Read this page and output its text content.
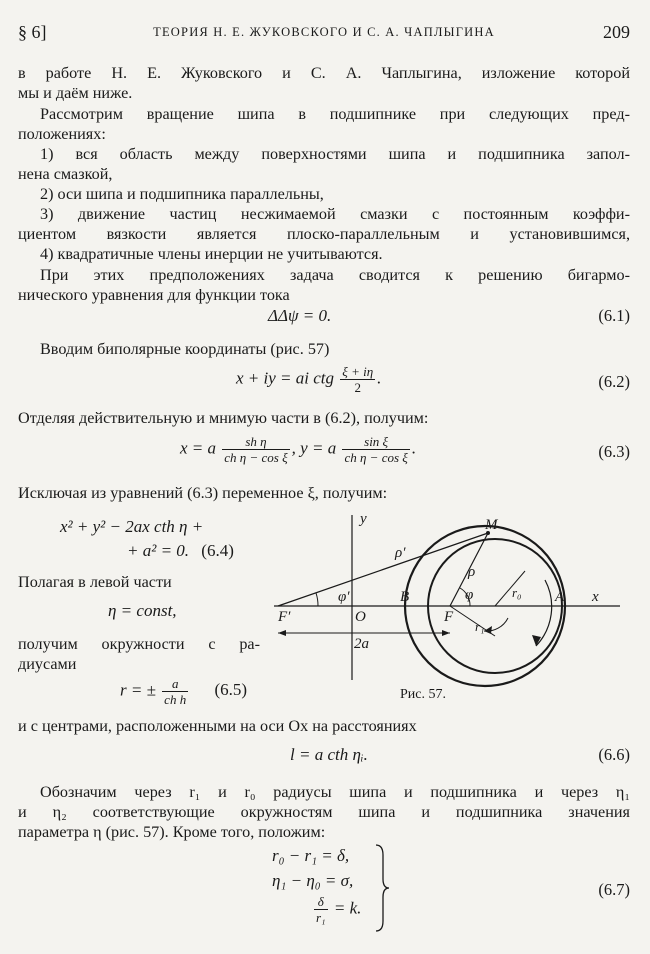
§ 6]	ТЕОРИЯ Н. Е. ЖУКОВСКОГО И С. А. ЧАПЛЫГИНА	209
в работе Н. Е. Жуковского и С. А. Чаплыгина, изложение которой
мы и даём ниже.
Рассмотрим вращение шипа в подшипнике при следующих пред-
положениях:
1) вся область между поверхностями шипа и подшипника запол-
нена смазкой,
2) оси шипа и подшипника параллельны,
3) движение частиц несжимаемой смазки с постоянным коэффи-
циентом вязкости является плоско-параллельным и установившимся,
4) квадратичные члены инерции не учитываются.
При этих предположениях задача сводится к решению бигармо-
нического уравнения для функции тока
ΔΔψ = 0.	(6.1)
Вводим биполярные координаты (рис. 57)
x + iy = ai ctg $\frac{\xi + i\eta}{2}$ .	(6.2)
Отделяя действительную и мнимую части в (6.2), получим:
x = a $\frac{\text{sh η}}{\text{ch η − cos ξ}}$ , y = a $\frac{\text{sin ξ}}{\text{ch η − cos ξ}}$ .	(6.3)
Исключая из уравнений (6.3) переменное ξ, получим:
x² + y² − 2ax cth η +
+ a² = 0. (6.4)
Полагая в левой части
η = const,
получим окружности с ра-
диусами
r = ± $\frac{a}{\text{ch h}} (6.5)$
y
x
M
ρ′
ρ
φ′	φ	r₀
r₁
O
B	A
F
F′
2a
Рис. 57.
и с центрами, расположенными на оси Ox на расстояниях
l = a cth ηᵢ.	(6.6)
Обозначим через r₁ и r₀ радиусы шипа и подшипника и через η₁
и η₂ соответствующие окружностям шипа и подшипника значения
параметра η (рис. 57). Кроме того, положим:
r₀ − r₁ = δ,
η₁ − η₀ = σ,
$\frac{\delta}{\text{r₁}} = k$.
(6.7)
